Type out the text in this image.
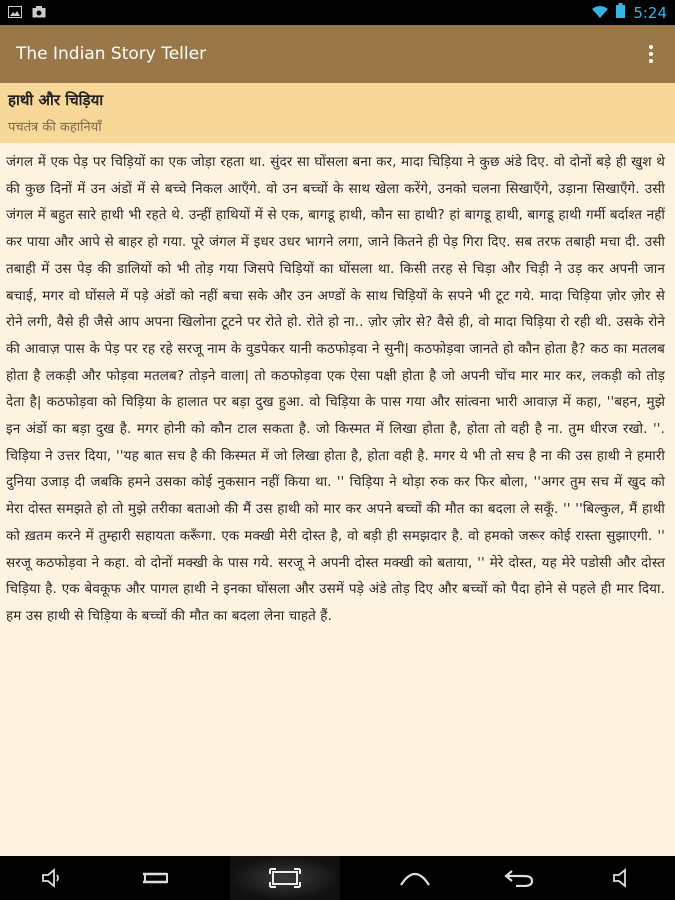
5:24
The Indian Story Teller
हाथी और चिड़िया
पचतंत्र की कहानियाँ

जंगल में एक पेड़ पर चिड़ियों का एक जोड़ा रहता था. सुंदर सा घोंसला बना कर, मादा चिड़िया ने कुछ अंडे दिए. वो दोनों बड़े ही खुश थे की कुछ दिनों में उन अंडों में से बच्चे निकल आएँगे. वो उन बच्चों के साथ खेला करेंगे, उनको चलना सिखाएँगे, उड़ाना सिखाएँगे. उसी जंगल में बहुत सारे हाथी भी रहते थे. उन्हीं हाथियों में से एक, बागडू हाथी, कौन सा हाथी? हां बागडू हाथी, बागडू हाथी गर्मी बर्दाश्त नहीं कर पाया और आपे से बाहर हो गया. पूरे जंगल में इधर उधर भागने लगा, जाने कितने ही पेड़ गिरा दिए. सब तरफ तबाही मचा दी. उसी तबाही में उस पेड़ की डालियों को भी तोड़ गया जिसपे चिड़ियों का घोंसला था. किसी तरह से चिड़ा और चिड़ी ने उड़ कर अपनी जान बचाई, मगर वो घोंसले में पड़े अंडों को नहीं बचा सके और उन अण्डों के साथ चिड़ियों के सपने भी टूट गये. मादा चिड़िया ज़ोर ज़ोर से रोने लगी, वैसे ही जैसे आप अपना खिलोना टूटने पर रोते हो. रोते हो ना.. ज़ोर ज़ोर से? वैसे ही, वो मादा चिड़िया रो रही थी. उसके रोने की आवाज़ पास के पेड़ पर रह रहे सरजू नाम के वुडपेकर यानी कठफोड़वा ने सुनी| कठफोड़वा जानते हो कौन होता है? कठ का मतलब होता है लकड़ी और फोड़वा मतलब? तोड़ने वाला| तो कठफोड़वा एक ऐसा पक्षी होता है जो अपनी चोंच मार मार कर, लकड़ी को तोड़ देता है| कठफोड़वा को चिड़िया के हालात पर बड़ा दुख हुआ. वो चिड़िया के पास गया और सांत्वना भारी आवाज़ में कहा, ''बहन, मुझे इन अंडों का बड़ा दुख है. मगर होनी को कौन टाल सकता है. जो किस्मत में लिखा होता है, होता तो वही है ना. तुम धीरज रखो. ''. चिड़िया ने उत्तर दिया, ''यह बात सच है की किस्मत में जो लिखा होता है, होता वही है. मगर ये भी तो सच है ना की उस हाथी ने हमारी दुनिया उजाड़ दी जबकि हमने उसका कोई नुकसान नहीं किया था. '' चिड़िया ने थोड़ा रुक कर फिर बोला, ''अगर तुम सच में खुद को मेरा दोस्त समझते हो तो मुझे तरीका बताओ की मैं उस हाथी को मार कर अपने बच्चों की मौत का बदला ले सकूँ. '' ''बिल्कुल, मैं हाथी को ख़तम करने में तुम्हारी सहायता करूँगा. एक मक्खी मेरी दोस्त है, वो बड़ी ही समझदार है. वो हमको जरूर कोई रास्ता सुझाएगी. '' सरजू कठफोड़वा ने कहा. वो दोनों मक्खी के पास गये. सरजू ने अपनी दोस्त मक्खी को बताया, '' मेरे दोस्त, यह मेरे पडोसी और दोस्त चिड़िया है. एक बेवकूफ और पागल हाथी ने इनका घोंसला और उसमें पड़े अंडे तोड़ दिए और बच्चों को पैदा होने से पहले ही मार दिया. हम उस हाथी से चिड़िया के बच्चों की मौत का बदला लेना चाहते हैं.
